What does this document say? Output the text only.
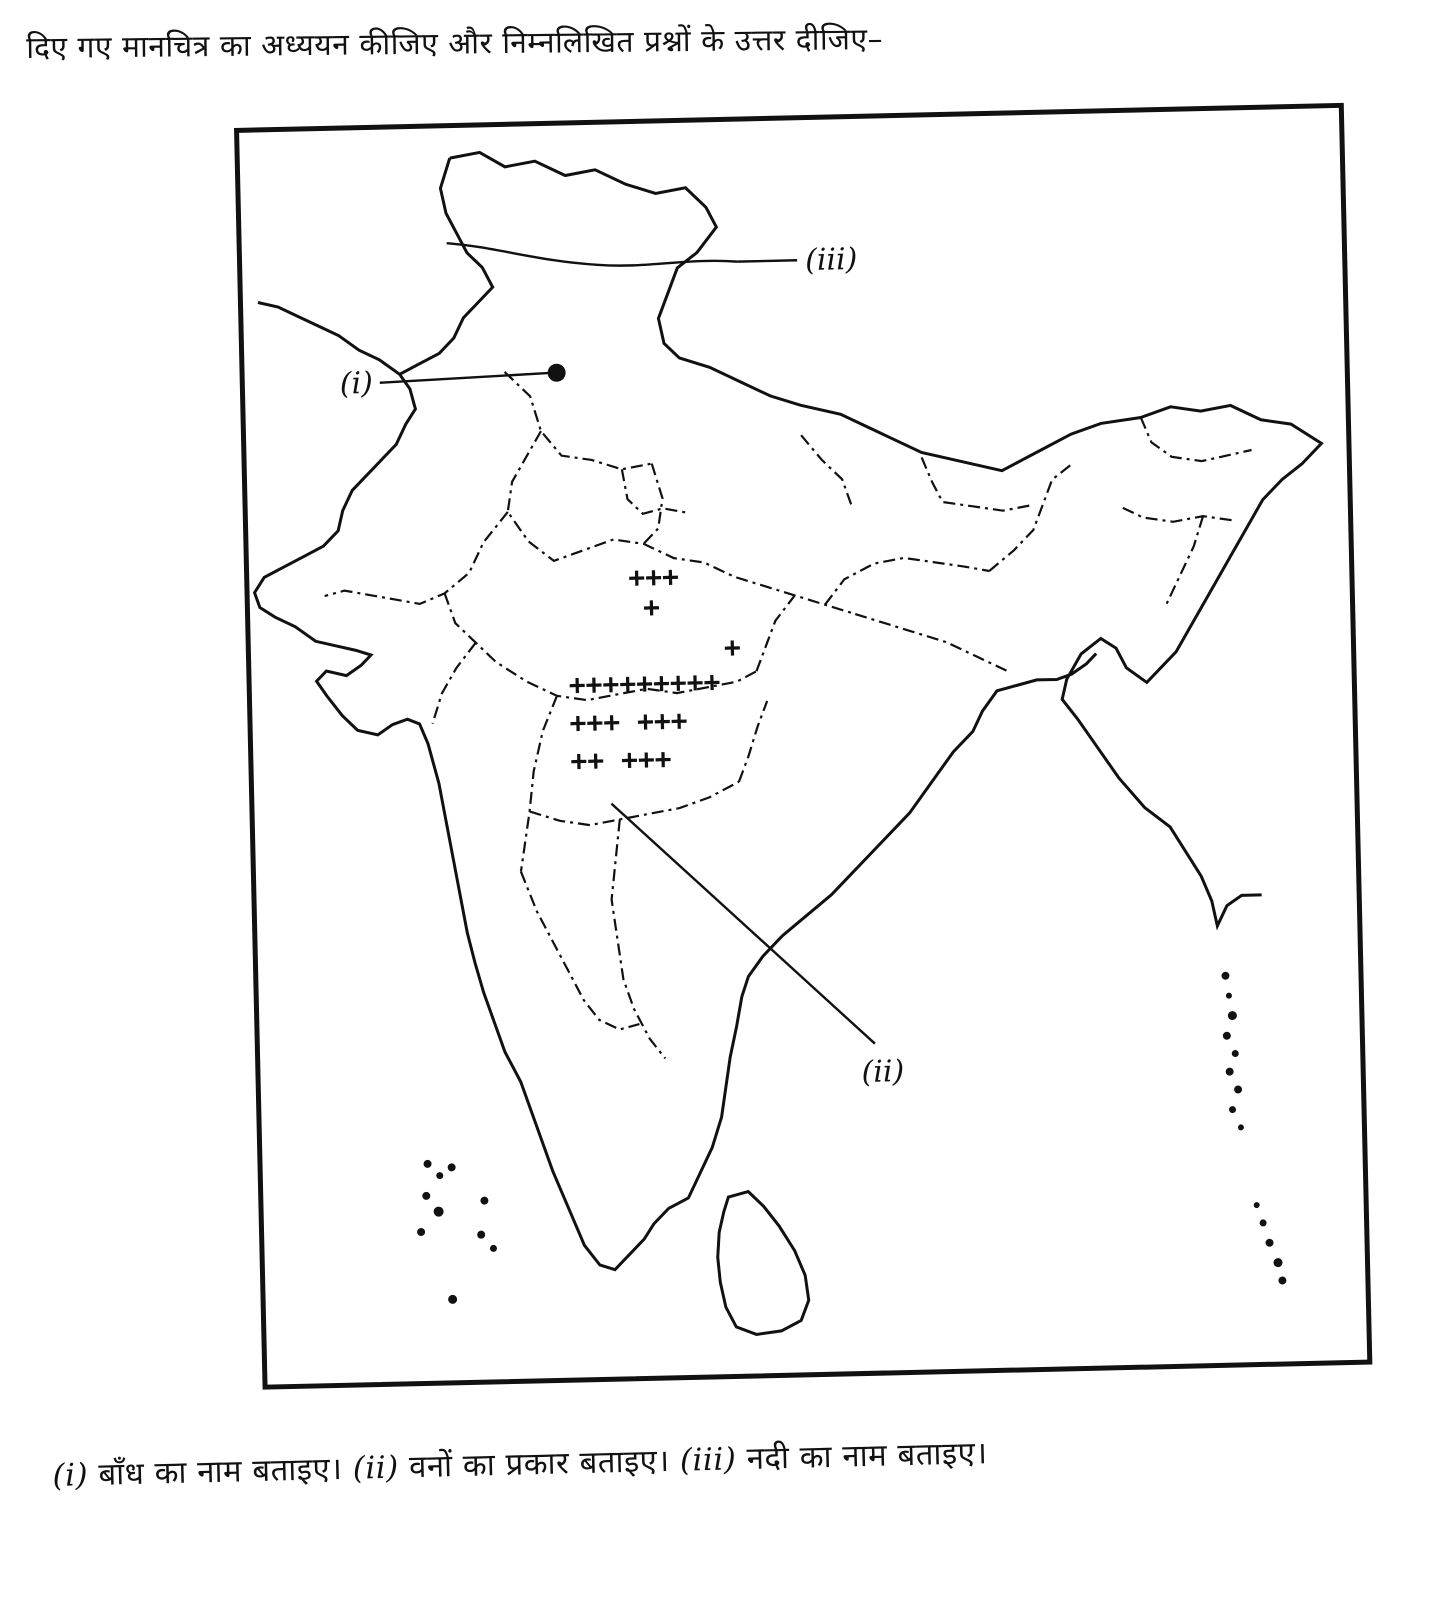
दिए गए मानचित्र का अध्ययन कीजिए और निम्नलिखित प्रश्नों के उत्तर दीजिए–
(iii)
(i)
+++
+
+
+++++++++
+++ +++
++ +++
(ii)
(i) बाँध का नाम बताइए। (ii) वनों का प्रकार बताइए। (iii) नदी का नाम बताइए।
